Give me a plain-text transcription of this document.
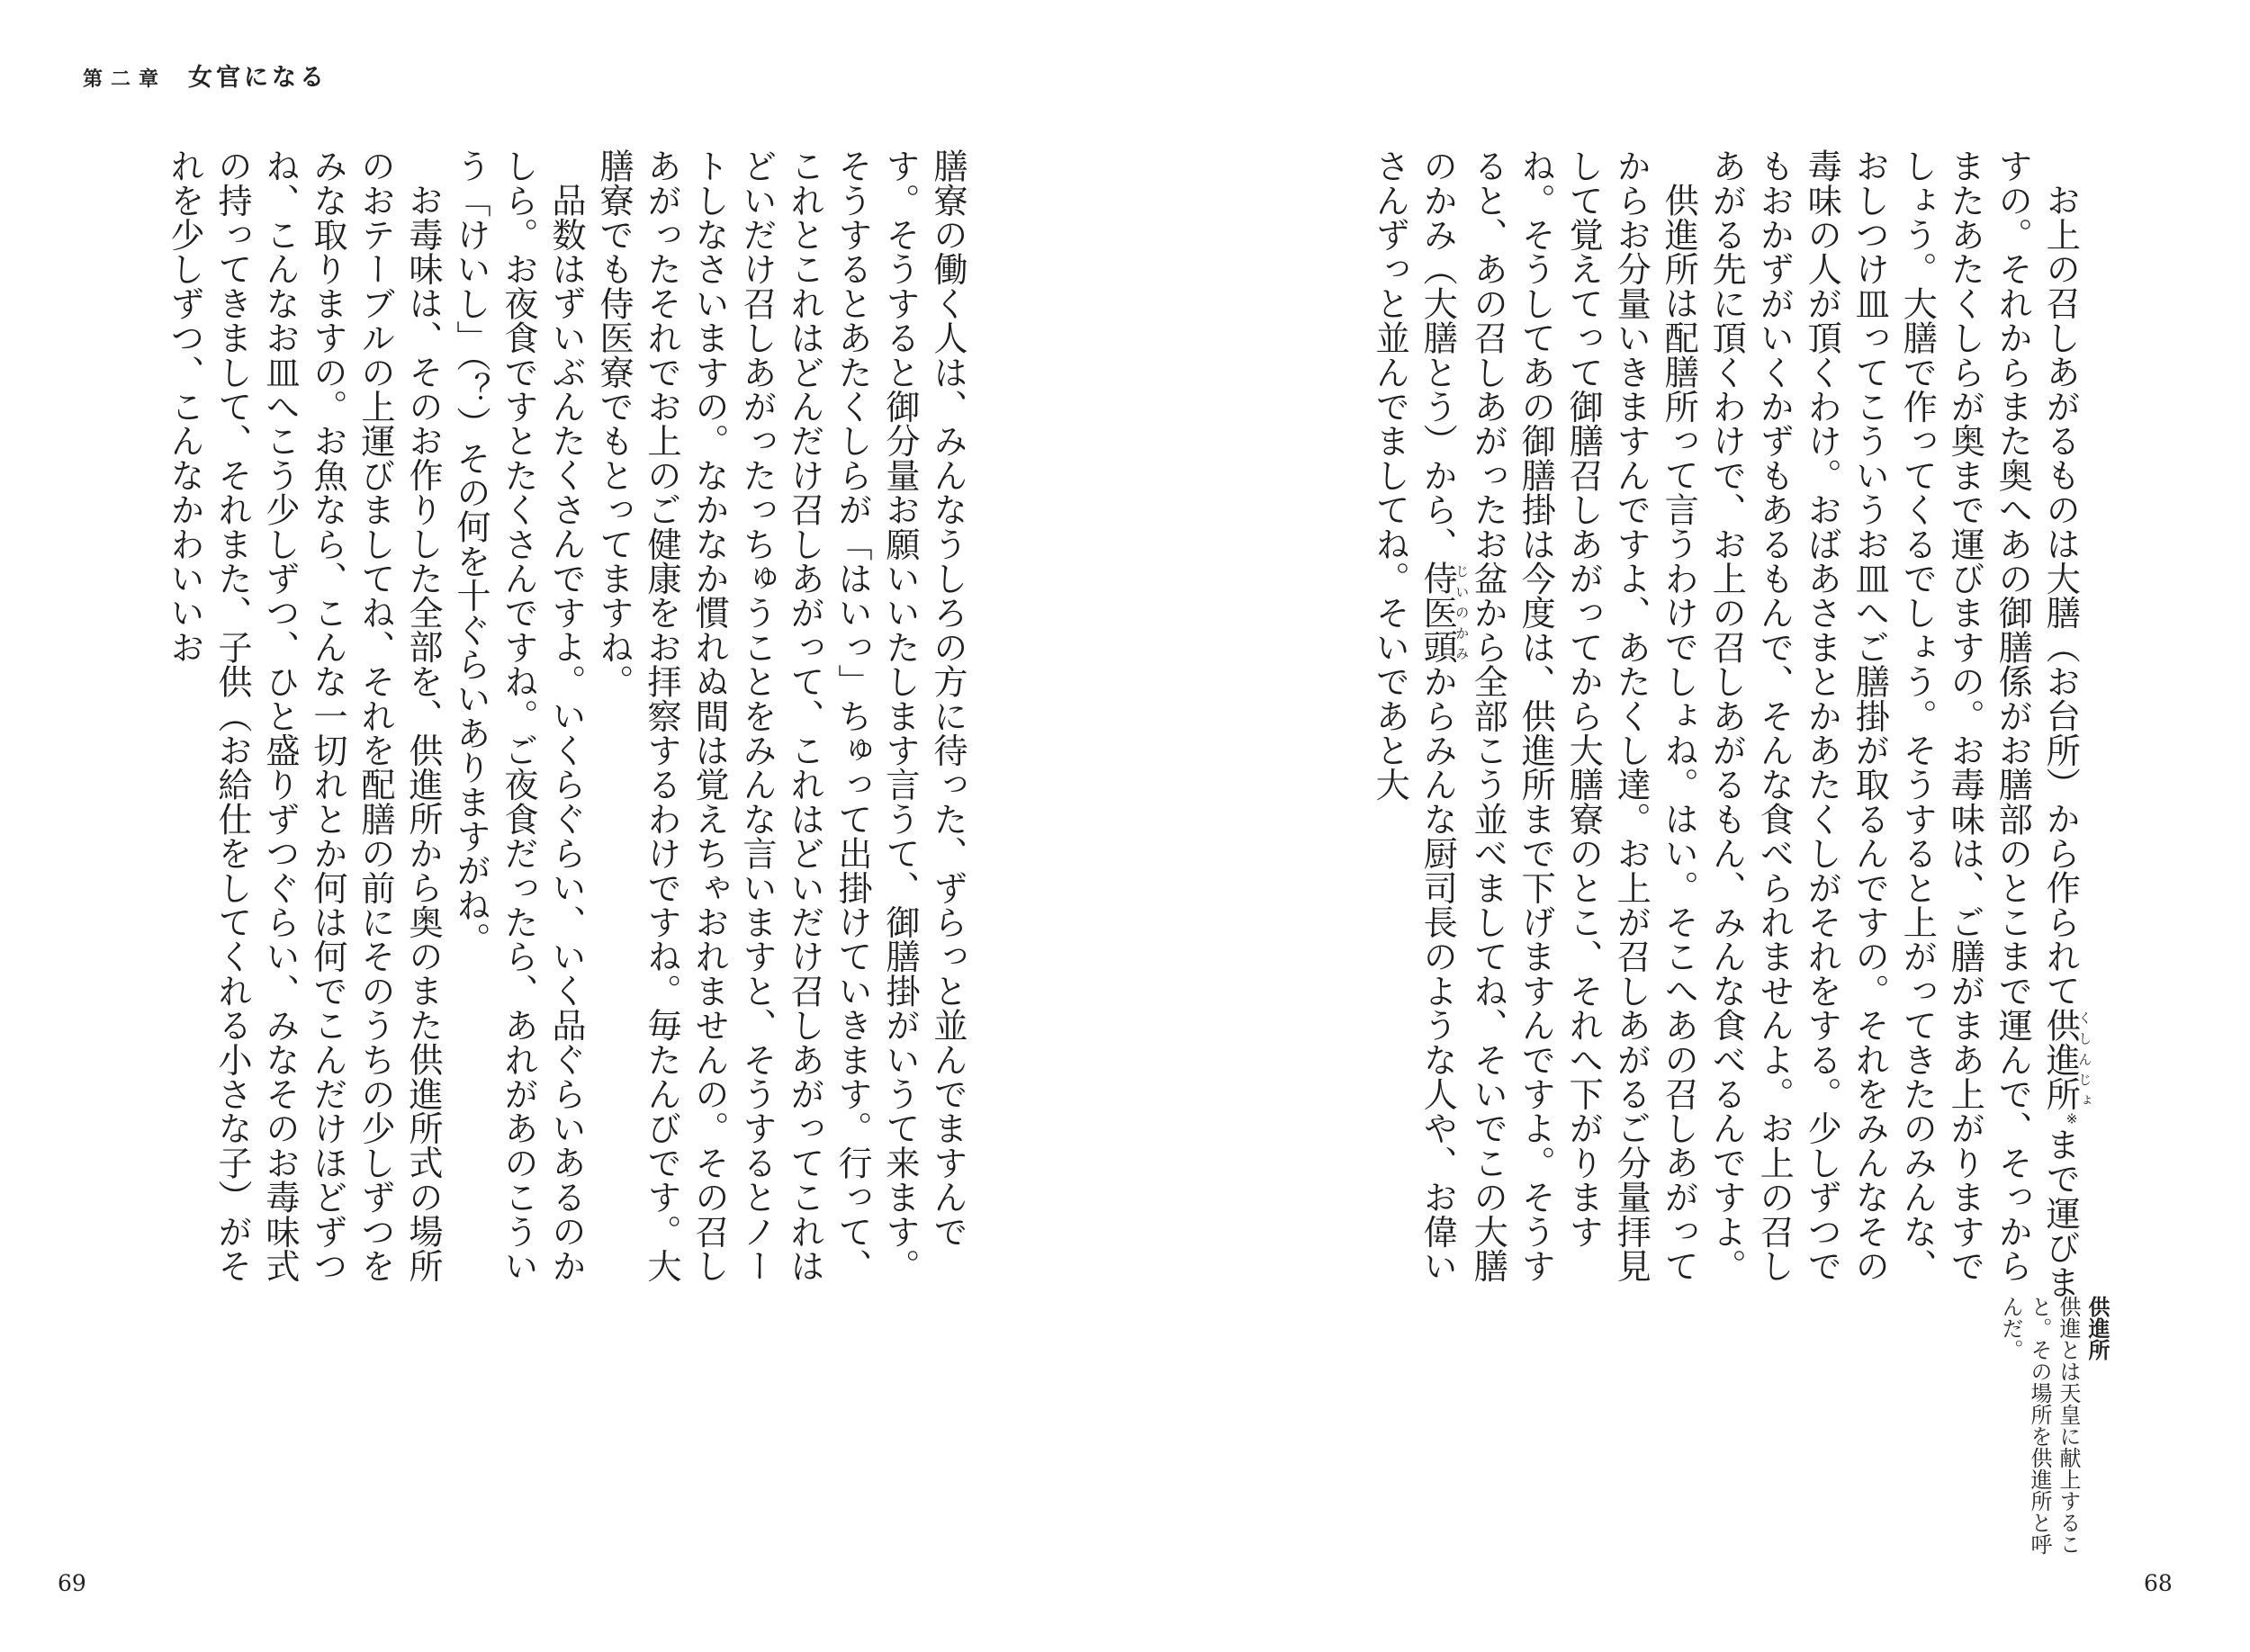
第二章 女官になる

お上の召しあがるものは大膳（お台所）から作られて供進所くしんじょ※まで運びますの。それからまた奥へあの御膳係がお膳部のとこまで運んで、そっからまたあたくしらが奥まで運びますの。お毒味は、ご膳がまあ上がりますでしょう。大膳で作ってくるでしょう。そうすると上がってきたのみんな、おしつけ皿ってこういうお皿へご膳掛が取るんですの。それをみんなその毒味の人が頂くわけ。おばあさまとかあたくしがそれをする。少しずつでもおかずがいくかずもあるもんで、そんな食べられませんよ。お上の召しあがる先に頂くわけで、お上の召しあがるもん、みんな食べるんですよ。

供進所は配膳所って言うわけでしょね。はい。そこへあの召しあがってからお分量いきますんですよ、あたくし達。お上が召しあがるご分量拝見して覚えてって御膳召しあがってから大膳寮のとこ、それへ下がりますね。そうしてあの御膳掛は今度は、供進所まで下げますんですよ。そうすると、あの召しあがったお盆から全部こう並べましてね、そいでこの大膳のかみ（大膳とう）から、侍医頭じいのかみからみんな厨司長のような人や、お偉いさんずっと並んでましてね。そいであと大

供進所

供進とは天皇に献上すること。その場所を供進所と呼んだ。

膳寮の働く人は、みんなうしろの方に待った、ずらっと並んでますんです。そうすると御分量お願いいたします言うて、御膳掛がいうて来ます。そうするとあたくしらが「はいっ」ちゅって出掛けていきます。行って、これとこれはどんだけ召しあがって、これはどいだけ召しあがってこれはどいだけ召しあがったっちゅうことをみんな言いますと、そうするとノートしなさいますの。なかなか慣れぬ間は覚えちゃおれませんの。その召しあがったそれでお上のご健康をお拝察するわけですね。毎たんびです。大膳寮でも侍医寮でもとってますね。

品数はずいぶんたくさんですよ。いくらぐらい、いく品ぐらいあるのかしら。お夜食ですとたくさんですね。ご夜食だったら、あれがあのこういう「けいし」（？）その何を十ぐらいありますがね。

お毒味は、そのお作りした全部を、供進所から奥のまた供進所式の場所のおテーブルの上運びましてね、それを配膳の前にそのうちの少しずつをみな取りますの。お魚なら、こんな一切れとか何は何でこんだけほどずつね、こんなお皿へこう少しずつ、ひと盛りずつぐらい、みなそのお毒味式の持ってきまして、それまた、子供（お給仕をしてくれる小さな子）がそれを少しずつ、こんなかわいいお

69	68
